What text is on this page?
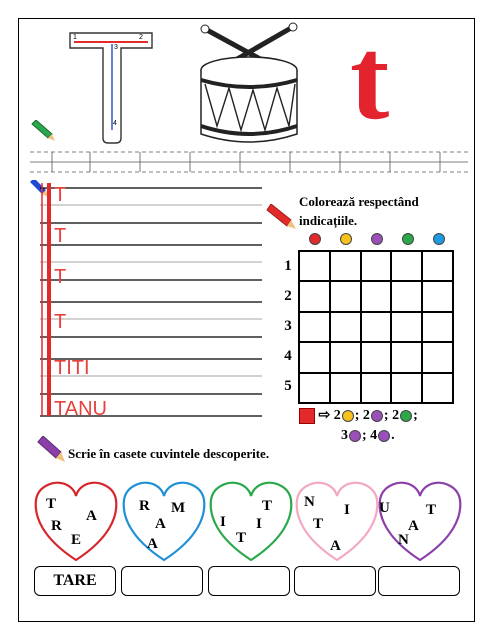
1	2
3
4 t
T
T
T
T
TITI
TANU
Colorează respectând indicațiile.
1
2
3
4
5
⇨ 2 ; 2 ; 2 ;
3 ; 4 .
Scrie în casete cuvintele descoperite.
T
A
R
E
R M
A
A
T
I I
T
N I
T
A
U T
A
N
TARE
